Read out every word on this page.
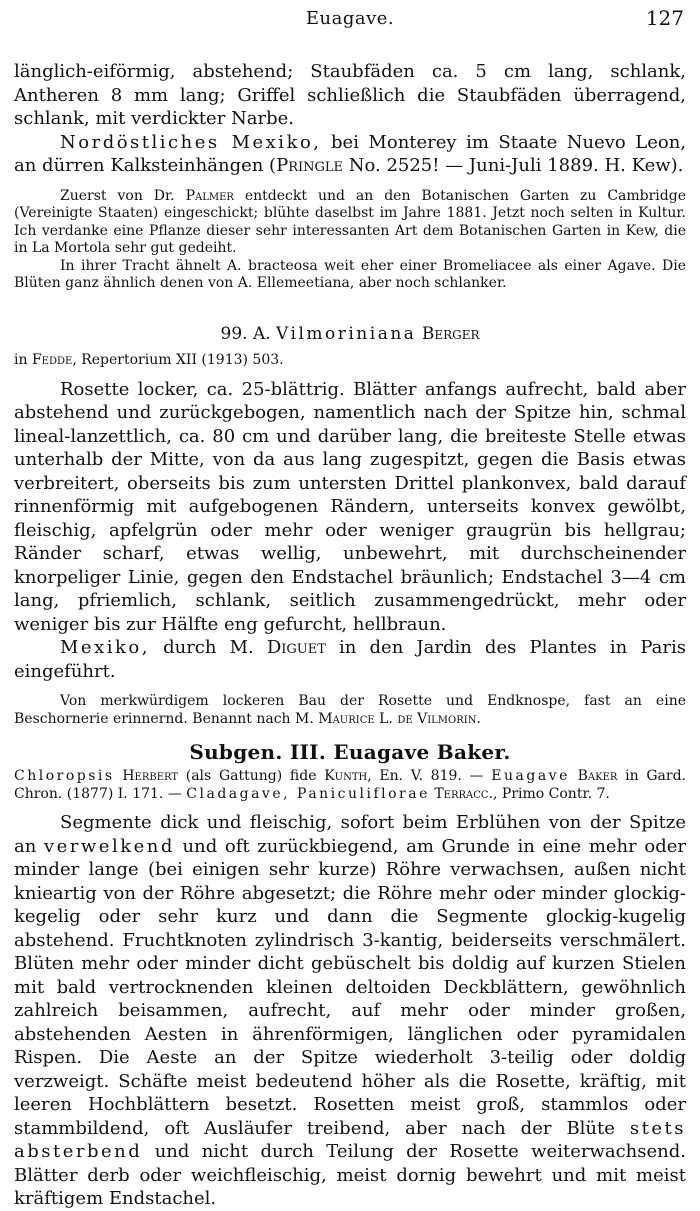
Euagave.	127

länglich-eiförmig, abstehend; Staubfäden ca. 5 cm lang, schlank, Antheren 8 mm lang; Griffel schließlich die Staubfäden überragend, schlank, mit verdickter Narbe.

Nordöstliches Mexiko, bei Monterey im Staate Nuevo Leon, an dürren Kalksteinhängen (Pringle No. 2525! — Juni-Juli 1889. H. Kew).

Zuerst von Dr. Palmer entdeckt und an den Botanischen Garten zu Cambridge (Vereinigte Staaten) eingeschickt; blühte daselbst im Jahre 1881. Jetzt noch selten in Kultur. Ich verdanke eine Pflanze dieser sehr interessanten Art dem Botanischen Garten in Kew, die in La Mortola sehr gut gedeiht.

In ihrer Tracht ähnelt A. bracteosa weit eher einer Bromeliacee als einer Agave. Die Blüten ganz ähnlich denen von A. Ellemeetiana, aber noch schlanker.

99. A. Vilmoriniana Berger

in Fedde, Repertorium XII (1913) 503.

Rosette locker, ca. 25-blättrig. Blätter anfangs aufrecht, bald aber abstehend und zurückgebogen, namentlich nach der Spitze hin, schmal lineal-lanzettlich, ca. 80 cm und darüber lang, die breiteste Stelle etwas unterhalb der Mitte, von da aus lang zugespitzt, gegen die Basis etwas verbreitert, oberseits bis zum untersten Drittel plankonvex, bald darauf rinnenförmig mit aufgebogenen Rändern, unterseits konvex gewölbt, fleischig, apfelgrün oder mehr oder weniger graugrün bis hellgrau; Ränder scharf, etwas wellig, unbewehrt, mit durchscheinender knorpeliger Linie, gegen den Endstachel bräunlich; Endstachel 3—4 cm lang, pfriemlich, schlank, seitlich zusammengedrückt, mehr oder weniger bis zur Hälfte eng gefurcht, hellbraun.

Mexiko, durch M. Diguet in den Jardin des Plantes in Paris eingeführt.

Von merkwürdigem lockeren Bau der Rosette und Endknospe, fast an eine Beschornerie erinnernd. Benannt nach M. Maurice L. de Vilmorin.

Subgen. III. Euagave Baker.

Chloropsis Herbert (als Gattung) fide Kunth, En. V. 819. — Euagave Baker in Gard. Chron. (1877) I. 171. — Cladagave, Paniculiflorae Terracc., Primo Contr. 7.

Segmente dick und fleischig, sofort beim Erblühen von der Spitze an verwelkend und oft zurückbiegend, am Grunde in eine mehr oder minder lange (bei einigen sehr kurze) Röhre verwachsen, außen nicht knieartig von der Röhre abgesetzt; die Röhre mehr oder minder glockig-kegelig oder sehr kurz und dann die Segmente glockig-kugelig abstehend. Fruchtknoten zylindrisch 3-kantig, beiderseits verschmälert. Blüten mehr oder minder dicht gebüschelt bis doldig auf kurzen Stielen mit bald vertrocknenden kleinen deltoiden Deckblättern, gewöhnlich zahlreich beisammen, aufrecht, auf mehr oder minder großen, abstehenden Aesten in ährenförmigen, länglichen oder pyramidalen Rispen. Die Aeste an der Spitze wiederholt 3-teilig oder doldig verzweigt. Schäfte meist bedeutend höher als die Rosette, kräftig, mit leeren Hochblättern besetzt. Rosetten meist groß, stammlos oder stammbildend, oft Ausläufer treibend, aber nach der Blüte stets absterbend und nicht durch Teilung der Rosette weiterwachsend. Blätter derb oder weichfleischig, meist dornig bewehrt und mit meist kräftigem Endstachel.
